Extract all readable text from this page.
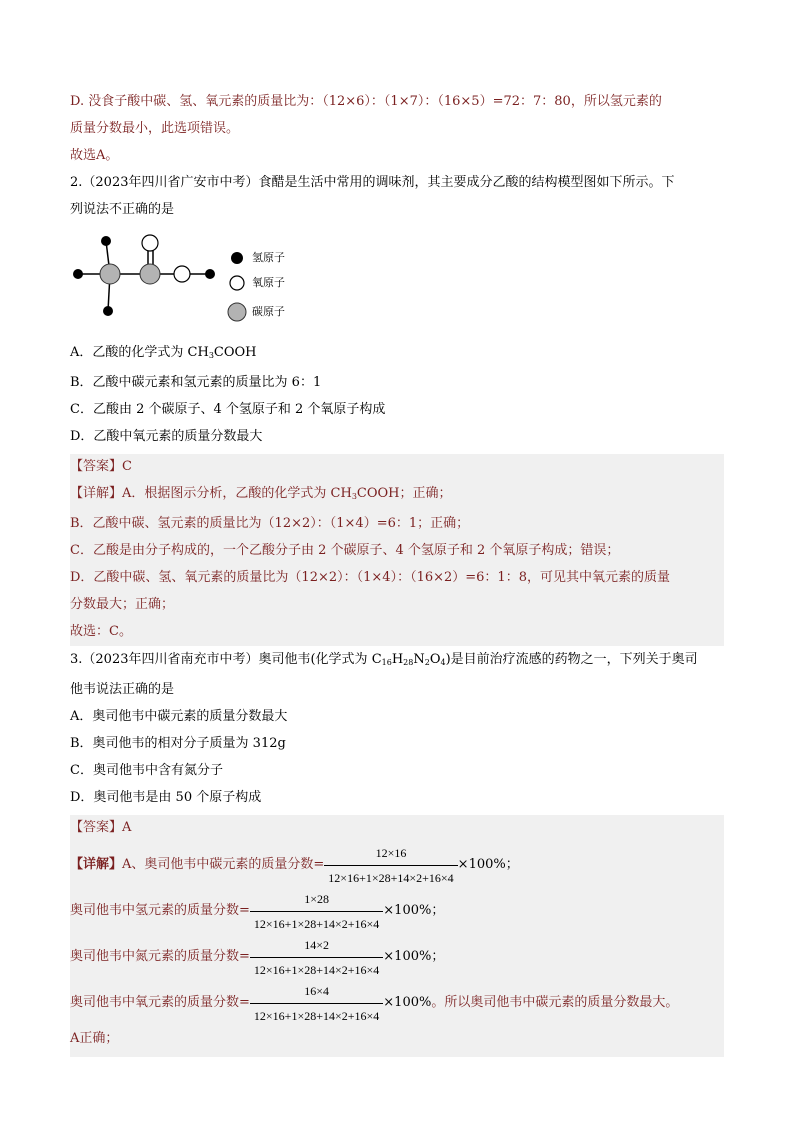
D. 没食子酸中碳、氢、氧元素的质量比为：（12×6）：（1×7）：（16×5）=72：7：80，所以氢元素的
质量分数最小，此选项错误。
故选A。
2.（2023年四川省广安市中考）食醋是生活中常用的调味剂，其主要成分乙酸的结构模型图如下所示。下
列说法不正确的是
氢原子
氧原子
碳原子
A．乙酸的化学式为 $CH_3COOH$
B．乙酸中碳元素和氢元素的质量比为 6：1
C．乙酸由 2 个碳原子、4 个氢原子和 2 个氧原子构成
D．乙酸中氧元素的质量分数最大
【答案】C
【详解】A．根据图示分析，乙酸的化学式为 $CH_3COOH$；正确；
B．乙酸中碳、氢元素的质量比为（12×2）：（1×4）=6：1；正确；
C．乙酸是由分子构成的，一个乙酸分子由 2 个碳原子、4 个氢原子和 2 个氧原子构成；错误；
D．乙酸中碳、氢、氧元素的质量比为（12×2）：（1×4）：（16×2）=6：1：8，可见其中氧元素的质量
分数最大；正确；
故选：C。
3.（2023年四川省南充市中考）奥司他韦(化学式为 $C_{16}H_{28}N_2O_4$)是目前治疗流感的药物之一，下列关于奥司
他韦说法正确的是
A．奥司他韦中碳元素的质量分数最大
B．奥司他韦的相对分子质量为 312g
C．奥司他韦中含有氮分子
D．奥司他韦是由 50 个原子构成
【答案】A
【详解】 A、奥司他韦中碳元素的质量分数= $\frac{12\times 16}{12\times 16+1\times 28+14\times 2+16\times 4} \times 100\%$；
奥司他韦中氢元素的质量分数= $\frac{1\times 28}{12\times 16+1\times 28+14\times 2+16\times 4} \times 100\%$；
奥司他韦中氮元素的质量分数= $\frac{14\times 2}{12\times 16+1\times 28+14\times 2+16\times 4} \times 100\%$；
奥司他韦中氧元素的质量分数= $\frac{16\times 4}{12\times 16+1\times 28+14\times 2+16\times 4} \times 100\%$ 。所以奥司他韦中碳元素的质量分数最大。
A正确；
